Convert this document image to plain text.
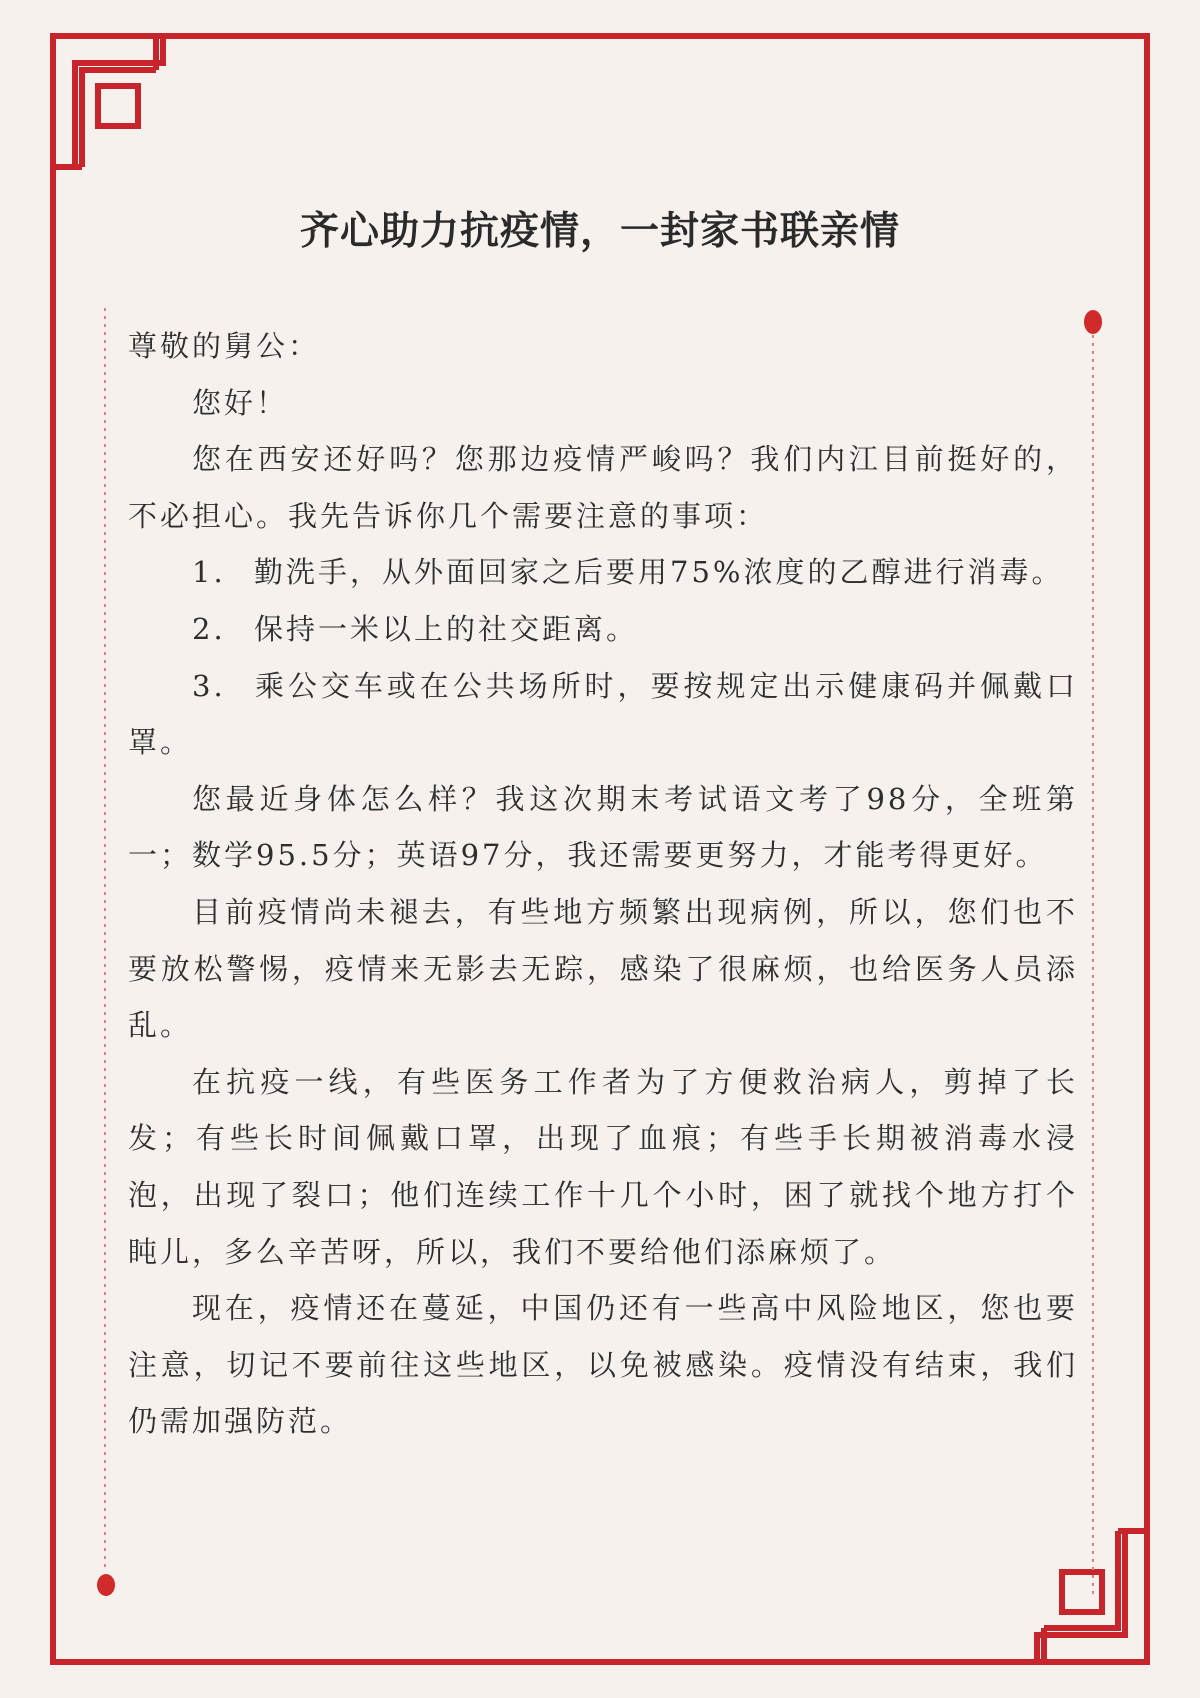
齐心助力抗疫情，一封家书联亲情

尊敬的舅公：

您好！

您在西安还好吗？您那边疫情严峻吗？我们内江目前挺好的，不必担心。我先告诉你几个需要注意的事项：

1. 勤洗手，从外面回家之后要用75%浓度的乙醇进行消毒。

2. 保持一米以上的社交距离。

3. 乘公交车或在公共场所时，要按规定出示健康码并佩戴口罩。

您最近身体怎么样？我这次期末考试语文考了98分，全班第一；数学95.5分；英语97分，我还需要更努力，才能考得更好。

目前疫情尚未褪去，有些地方频繁出现病例，所以，您们也不要放松警惕，疫情来无影去无踪，感染了很麻烦，也给医务人员添乱。

在抗疫一线，有些医务工作者为了方便救治病人，剪掉了长发；有些长时间佩戴口罩，出现了血痕；有些手长期被消毒水浸泡，出现了裂口；他们连续工作十几个小时，困了就找个地方打个盹儿，多么辛苦呀，所以，我们不要给他们添麻烦了。

现在，疫情还在蔓延，中国仍还有一些高中风险地区，您也要注意，切记不要前往这些地区，以免被感染。疫情没有结束，我们仍需加强防范。
